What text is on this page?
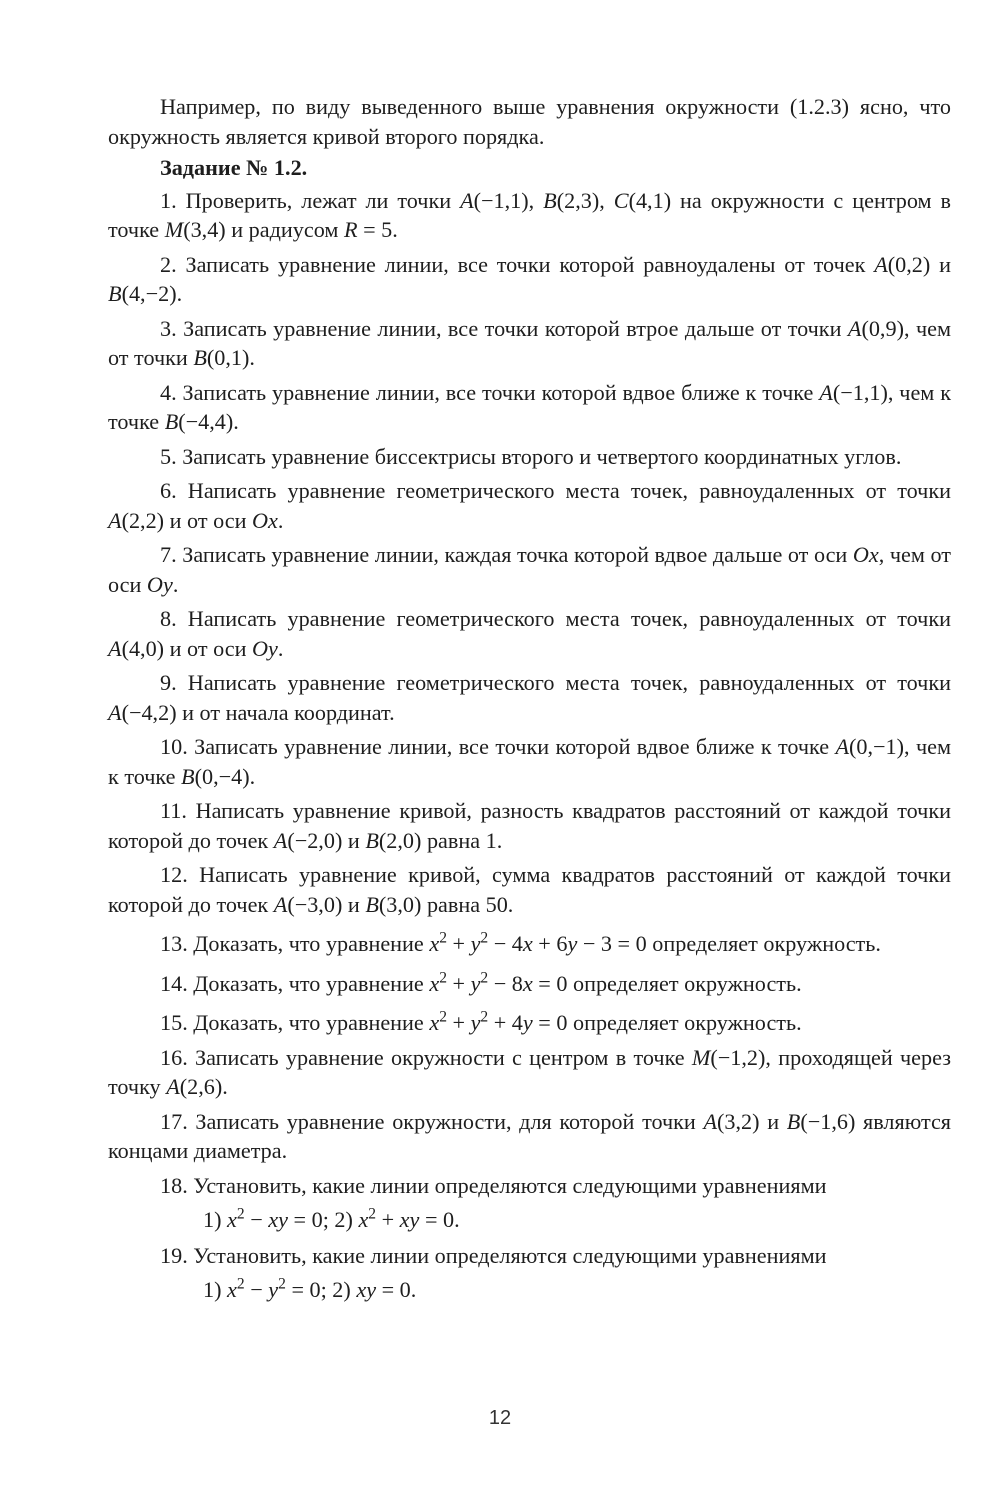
Например, по виду выведенного выше уравнения окружности (1.2.3) ясно, что окружность является кривой второго порядка.

Задание № 1.2.

1. Проверить, лежат ли точки A(−1,1), B(2,3), C(4,1) на окружности с центром в точке M(3,4) и радиусом R = 5.

2. Записать уравнение линии, все точки которой равноудалены от точек A(0,2) и B(4,−2).

3. Записать уравнение линии, все точки которой втрое дальше от точки A(0,9), чем от точки B(0,1).

4. Записать уравнение линии, все точки которой вдвое ближе к точке A(−1,1), чем к точке B(−4,4).

5. Записать уравнение биссектрисы второго и четвертого координатных углов.

6. Написать уравнение геометрического места точек, равноудаленных от точки A(2,2) и от оси Ox.

7. Записать уравнение линии, каждая точка которой вдвое дальше от оси Ox, чем от оси Oy.

8. Написать уравнение геометрического места точек, равноудаленных от точки A(4,0) и от оси Oy.

9. Написать уравнение геометрического места точек, равноудаленных от точки A(−4,2) и от начала координат.

10. Записать уравнение линии, все точки которой вдвое ближе к точке A(0,−1), чем к точке B(0,−4).

11. Написать уравнение кривой, разность квадратов расстояний от каждой точки которой до точек A(−2,0) и B(2,0) равна 1.

12. Написать уравнение кривой, сумма квадратов расстояний от каждой точки которой до точек A(−3,0) и B(3,0) равна 50.

13. Доказать, что уравнение $x^2 + y^2 - 4x + 6y - 3 = 0$ определяет окружность.

14. Доказать, что уравнение $x^2 + y^2 - 8x = 0$ определяет окружность.

15. Доказать, что уравнение $x^2 + y^2 + 4y = 0$ определяет окружность.

16. Записать уравнение окружности с центром в точке M(−1,2), проходящей через точку A(2,6).

17. Записать уравнение окружности, для которой точки A(3,2) и B(−1,6) являются концами диаметра.

18. Установить, какие линии определяются следующими уравнениями

1) $x^2$ − xy = 0; 2) $x^2$ + xy = 0.

19. Установить, какие линии определяются следующими уравнениями

1) $x^2 - y^2 = 0$; 2) xy = 0.
12
